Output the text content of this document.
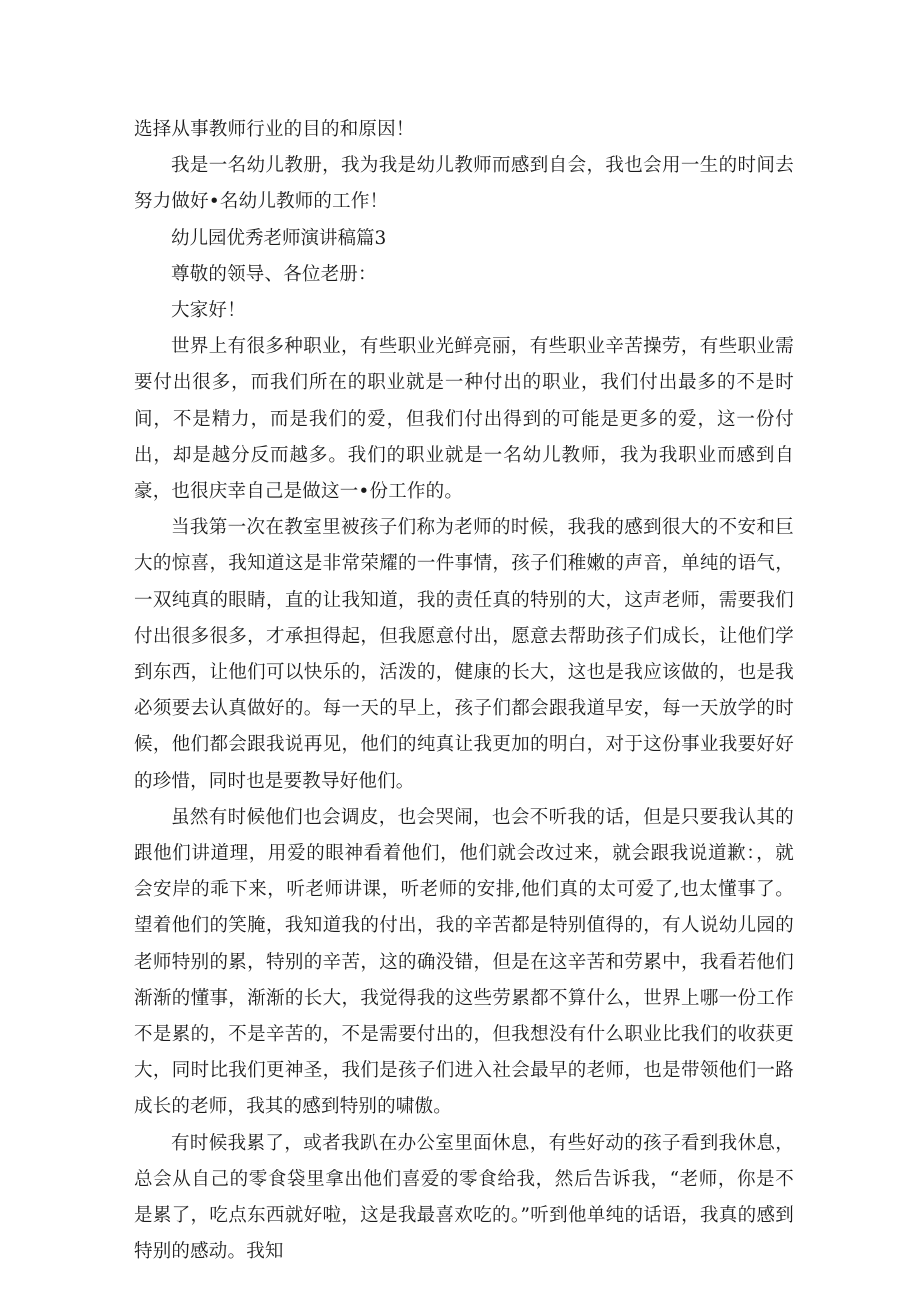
选择从事教师行业的目的和原因！

我是一名幼儿教册，我为我是幼儿教师而感到自会，我也会用一生的时间去努力做好•名幼儿教师的工作！

幼儿园优秀老师演讲稿篇3

尊敬的领导、各位老册：

大家好！

世界上有很多种职业，有些职业光鲜亮丽，有些职业辛苦操劳，有些职业需要付出很多，而我们所在的职业就是一种付出的职业，我们付出最多的不是时间，不是精力，而是我们的爱，但我们付出得到的可能是更多的爱，这一份付出，却是越分反而越多。我们的职业就是一名幼儿教师，我为我职业而感到自豪，也很庆幸自己是做这一•份工作的。

当我第一次在教室里被孩子们称为老师的时候，我我的感到很大的不安和巨大的惊喜，我知道这是非常荣耀的一件事情，孩子们稚嫩的声音，单纯的语气，一双纯真的眼睛，直的让我知道，我的责任真的特别的大，这声老师，需要我们付出很多很多，才承担得起，但我愿意付出，愿意去帮助孩子们成长，让他们学到东西，让他们可以快乐的，活泼的，健康的长大，这也是我应该做的，也是我必须要去认真做好的。每一天的早上，孩子们都会跟我道早安，每一天放学的时候，他们都会跟我说再见，他们的纯真让我更加的明白，对于这份事业我要好好的珍惜，同时也是要教导好他们。

虽然有时候他们也会调皮，也会哭闹，也会不听我的话，但是只要我认其的跟他们讲道理，用爱的眼神看着他们，他们就会改过来，就会跟我说道歉：，就会安岸的乖下来，听老师讲课，听老师的安排,他们真的太可爱了,也太懂事了。望着他们的笑腌，我知道我的付出，我的辛苦都是特别值得的，有人说幼儿园的老师特别的累，特别的辛苦，这的确没错，但是在这辛苦和劳累中，我看若他们渐渐的懂事，渐渐的长大，我觉得我的这些劳累都不算什么，世界上哪一份工作不是累的，不是辛苦的，不是需要付出的，但我想没有什么职业比我们的收获更大，同时比我们更神圣，我们是孩子们进入社会最早的老师，也是带领他们一路成长的老师，我其的感到特别的啸傲。

有时候我累了，或者我趴在办公室里面休息，有些好动的孩子看到我休息，总会从自己的零食袋里拿出他们喜爱的零食给我，然后告诉我，“老师，你是不是累了，吃点东西就好啦，这是我最喜欢吃的。”听到他单纯的话语，我真的感到特别的感动。我知
